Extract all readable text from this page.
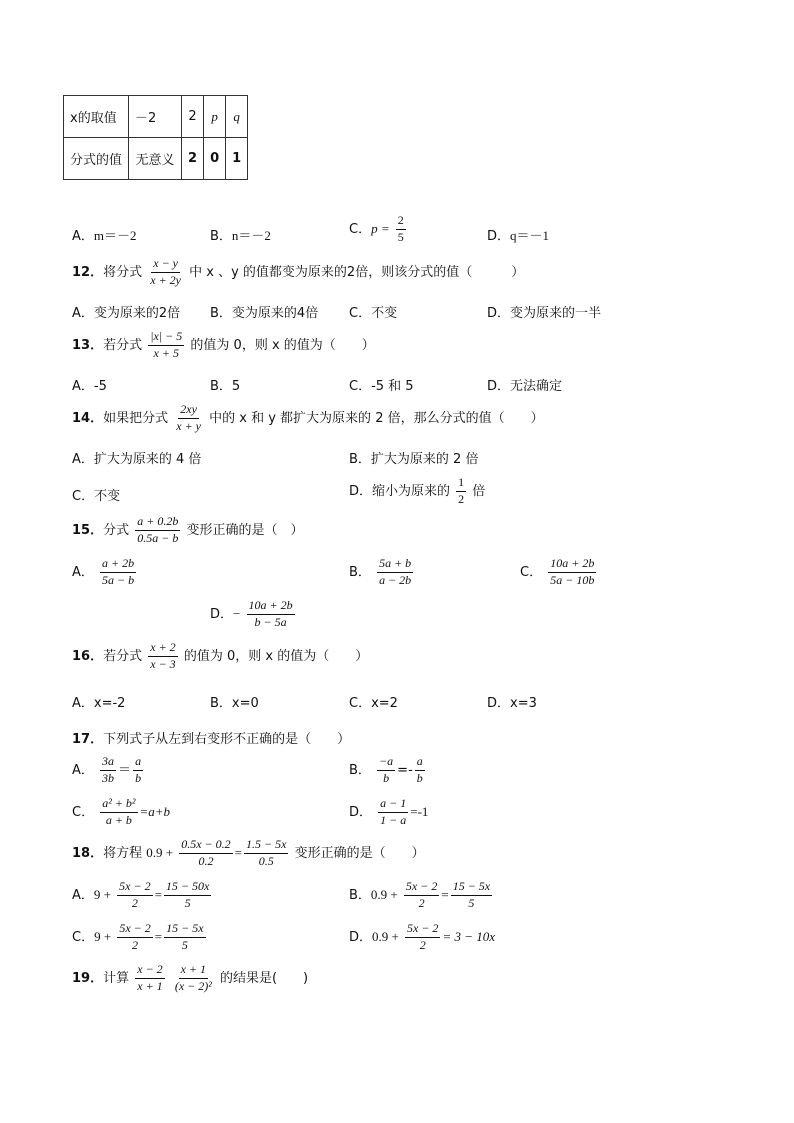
x的取值	－2	2	p	q
分式的值	无意义	2	0	1
A．m＝－2	B．n＝－2	C．$p = \frac{2}{5}$	D．q＝－1
12．将分式 $\frac{x - y}{x + 2y}$ 中 x 、y 的值都变为原来的2倍，则该分式的值（　　　）
A．变为原来的2倍 B．变为原来的4倍 C．不变	D．变为原来的一半
13．若分式 $\frac{|x| - 5}{x + 5}$ 的值为 0，则 x 的值为（　　）
A．-5	B．5	C．-5 和 5	D．无法确定
14．如果把分式 $\frac{2xy}{x + y}$ 中的 x 和 y 都扩大为原来的 2 倍，那么分式的值（　　）
A．扩大为原来的 4 倍	B．扩大为原来的 2 倍
C．不变	D．缩小为原来的 $\frac{1}{2}$ 倍
15．分式 $\frac{a + 0.2b}{0.5a - b}$ 变形正确的是（　）
A． $\frac{a + 2b}{5a - b}$	B． $\frac{5a + b}{a - 2b}$	C． $\frac{10a + 2b}{5a - 10b}$
D．− $\frac{10a + 2b}{b - 5a}$
16．若分式 $\frac{x + 2}{x - 3}$ 的值为 0，则 x 的值为（　　）
A．x=-2	B．x=0	C．x=2	D．x=3
17．下列式子从左到右变形不正确的是（　　）
A． $\frac{3a}{3b} = \frac{a}{b}$	B． $\frac{-a}{b} =- \frac{a}{b}$
C． $\frac{\text{a² + b²}}{a + b} =a+b$	D． $\frac{a - 1}{1 - a} =-1$
18．将方程 $0.9 + \frac{0.5x - 0.2}{0.2} = \frac{1.5 - 5x}{0.5}$ 变形正确的是（　　）
A．$9 + \frac{5x - 2}{2} = \frac{15 - 50x}{5}$	B．$0.9 + \frac{5x - 2}{2} = \frac{15 - 5x}{5}$
C．$9 + \frac{5x - 2}{2} = \frac{15 - 5x}{5}$	D．$0.9 + \frac{5x - 2}{2} = 3 - 10x$
19．计算 $\frac{x - 2}{x + 1}$
$\frac{x + 1}{\text{(x − 2)²}}$ 的结果是(　　)
